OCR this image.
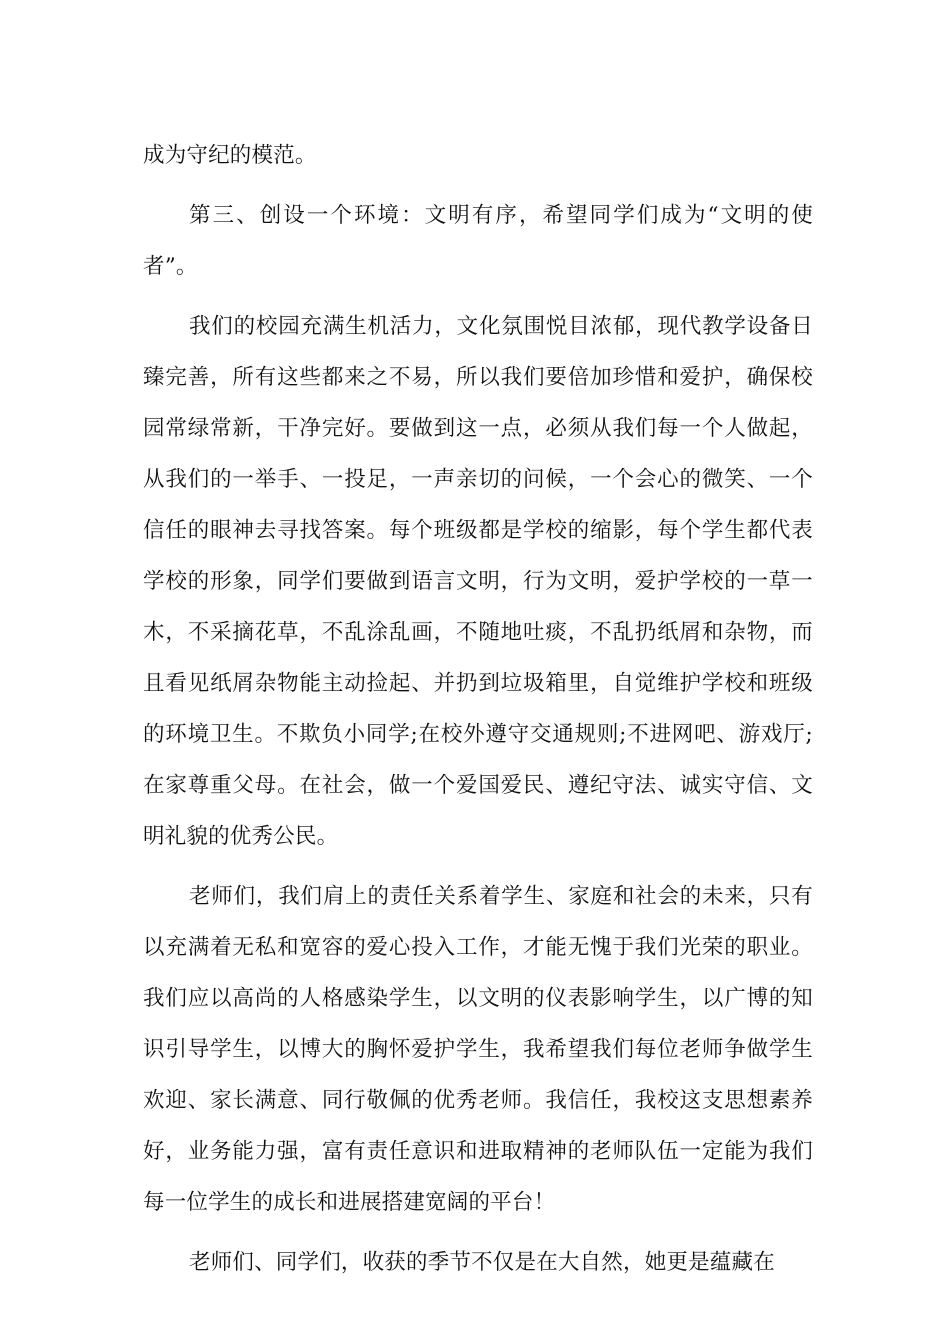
成为守纪的模范。

第三、创设一个环境：文明有序，希望同学们成为“文明的使者”。

我们的校园充满生机活力，文化氛围悦目浓郁，现代教学设备日臻完善，所有这些都来之不易，所以我们要倍加珍惜和爱护，确保校园常绿常新，干净完好。要做到这一点，必须从我们每一个人做起，从我们的一举手、一投足，一声亲切的问候，一个会心的微笑、一个信任的眼神去寻找答案。每个班级都是学校的缩影，每个学生都代表学校的形象，同学们要做到语言文明，行为文明，爱护学校的一草一木，不采摘花草，不乱涂乱画，不随地吐痰，不乱扔纸屑和杂物，而且看见纸屑杂物能主动捡起、并扔到垃圾箱里，自觉维护学校和班级的环境卫生。不欺负小同学;在校外遵守交通规则;不进网吧、游戏厅;在家尊重父母。在社会，做一个爱国爱民、遵纪守法、诚实守信、文明礼貌的优秀公民。

老师们，我们肩上的责任关系着学生、家庭和社会的未来，只有以充满着无私和宽容的爱心投入工作，才能无愧于我们光荣的职业。我们应以高尚的人格感染学生，以文明的仪表影响学生，以广博的知识引导学生，以博大的胸怀爱护学生，我希望我们每位老师争做学生欢迎、家长满意、同行敬佩的优秀老师。我信任，我校这支思想素养好，业务能力强，富有责任意识和进取精神的老师队伍一定能为我们每一位学生的成长和进展搭建宽阔的平台！

老师们、同学们，收获的季节不仅是在大自然，她更是蕴藏在
